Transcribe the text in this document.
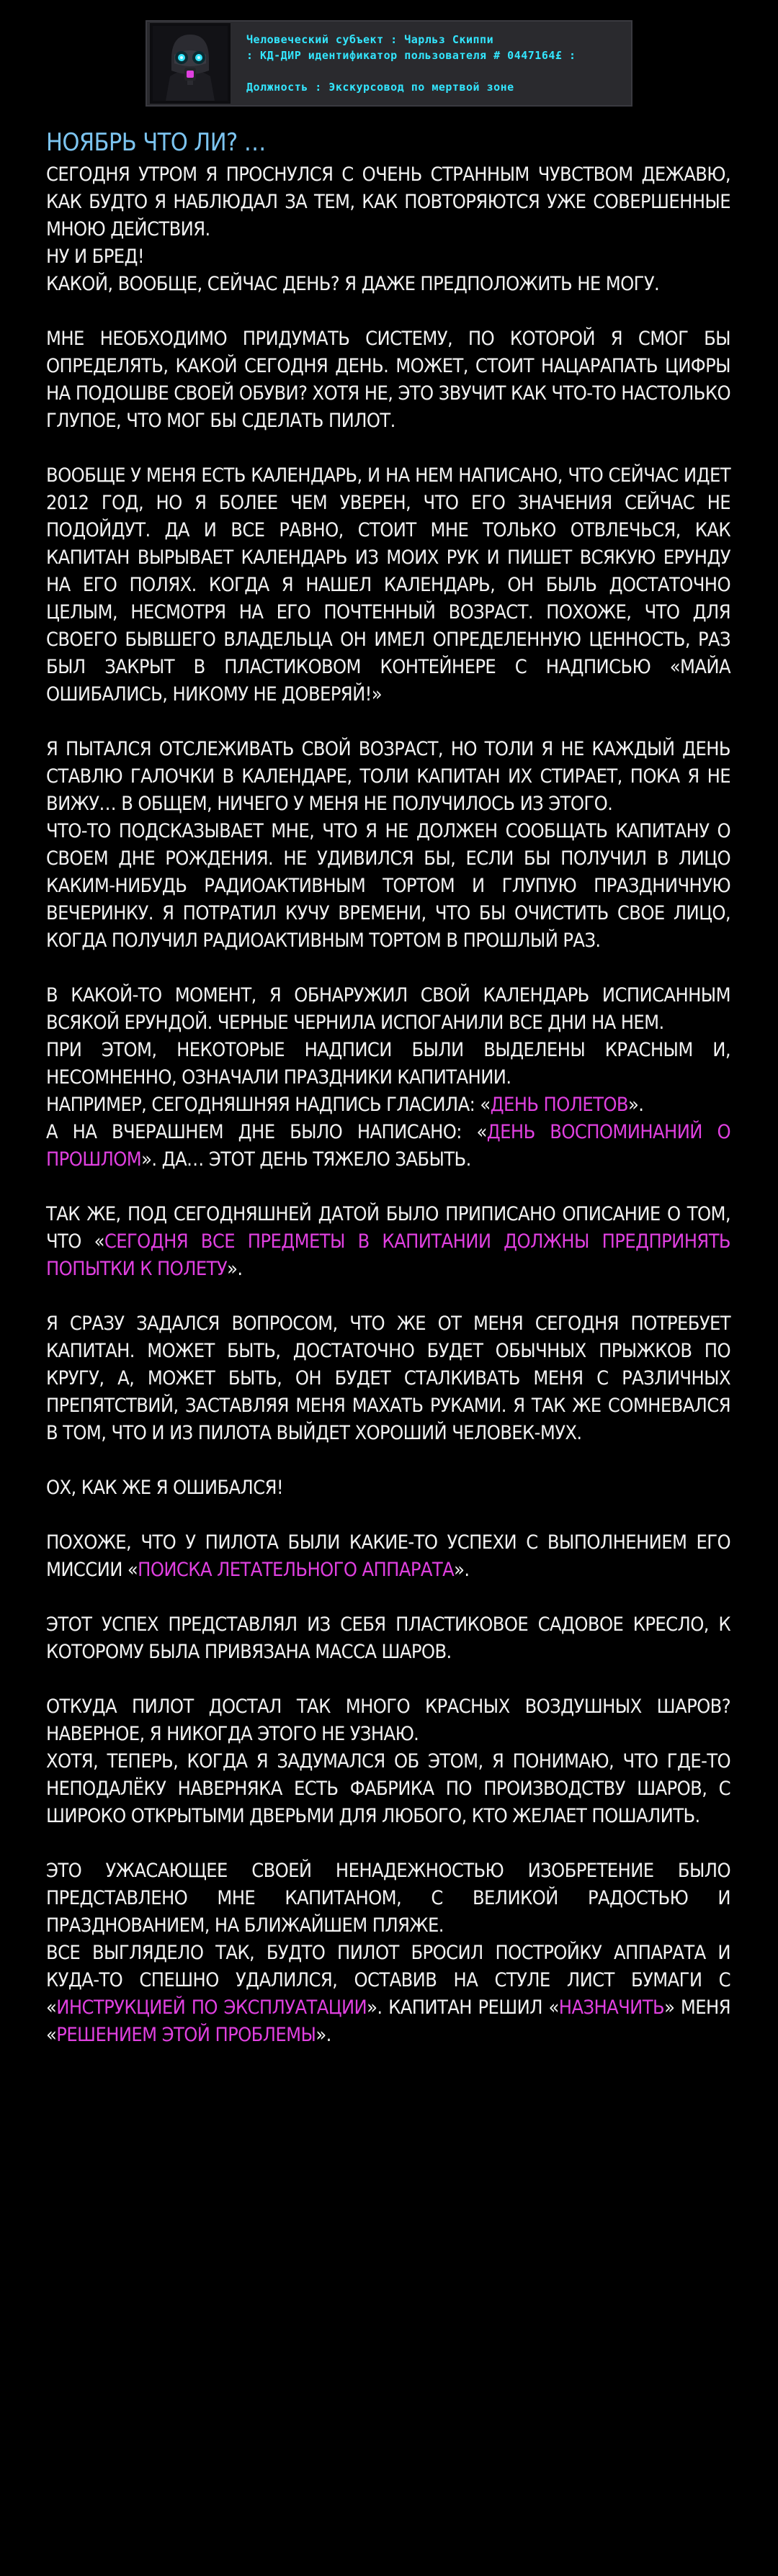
Человеческий субъект : Чарльз Скиппи
: КД-ДИР идентификатор пользователя # 0447164£ :
Должность : Экскурсовод по мертвой зоне
НОЯБРЬ ЧТО ЛИ? …

СЕГОДНЯ УТРОМ Я ПРОСНУЛСЯ С ОЧЕНЬ СТРАННЫМ ЧУВСТВОМ ДЕЖАВЮ, КАК БУДТО Я НАБЛЮДАЛ ЗА ТЕМ, КАК ПОВТОРЯЮТСЯ УЖЕ СОВЕРШЕННЫЕ МНОЮ ДЕЙСТВИЯ.

НУ И БРЕД!

КАКОЙ, ВООБЩЕ, СЕЙЧАС ДЕНЬ? Я ДАЖЕ ПРЕДПОЛОЖИТЬ НЕ МОГУ.

МНЕ НЕОБХОДИМО ПРИДУМАТЬ СИСТЕМУ, ПО КОТОРОЙ Я СМОГ БЫ ОПРЕДЕЛЯТЬ, КАКОЙ СЕГОДНЯ ДЕНЬ. МОЖЕТ, СТОИТ НАЦАРАПАТЬ ЦИФРЫ НА ПОДОШВЕ СВОЕЙ ОБУВИ? ХОТЯ НЕ, ЭТО ЗВУЧИТ КАК ЧТО-ТО НАСТОЛЬКО ГЛУПОЕ, ЧТО МОГ БЫ СДЕЛАТЬ ПИЛОТ.

ВООБЩЕ У МЕНЯ ЕСТЬ КАЛЕНДАРЬ, И НА НЕМ НАПИСАНО, ЧТО СЕЙЧАС ИДЕТ 2012 ГОД, НО Я БОЛЕЕ ЧЕМ УВЕРЕН, ЧТО ЕГО ЗНАЧЕНИЯ СЕЙЧАС НЕ ПОДОЙДУТ. ДА И ВСЕ РАВНО, СТОИТ МНЕ ТОЛЬКО ОТВЛЕЧЬСЯ, КАК КАПИТАН ВЫРЫВАЕТ КАЛЕНДАРЬ ИЗ МОИХ РУК И ПИШЕТ ВСЯКУЮ ЕРУНДУ НА ЕГО ПОЛЯХ. КОГДА Я НАШЕЛ КАЛЕНДАРЬ, ОН БЫЛЬ ДОСТАТОЧНО ЦЕЛЫМ, НЕСМОТРЯ НА ЕГО ПОЧТЕННЫЙ ВОЗРАСТ. ПОХОЖЕ, ЧТО ДЛЯ СВОЕГО БЫВШЕГО ВЛАДЕЛЬЦА ОН ИМЕЛ ОПРЕДЕЛЕННУЮ ЦЕННОСТЬ, РАЗ БЫЛ ЗАКРЫТ В ПЛАСТИКОВОМ КОНТЕЙНЕРЕ С НАДПИСЬЮ «МАЙА ОШИБАЛИСЬ, НИКОМУ НЕ ДОВЕРЯЙ!»

Я ПЫТАЛСЯ ОТСЛЕЖИВАТЬ СВОЙ ВОЗРАСТ, НО ТОЛИ Я НЕ КАЖДЫЙ ДЕНЬ СТАВЛЮ ГАЛОЧКИ В КАЛЕНДАРЕ, ТОЛИ КАПИТАН ИХ СТИРАЕТ, ПОКА Я НЕ ВИЖУ… В ОБЩЕМ, НИЧЕГО У МЕНЯ НЕ ПОЛУЧИЛОСЬ ИЗ ЭТОГО.

ЧТО-ТО ПОДСКАЗЫВАЕТ МНЕ, ЧТО Я НЕ ДОЛЖЕН СООБЩАТЬ КАПИТАНУ О СВОЕМ ДНЕ РОЖДЕНИЯ. НЕ УДИВИЛСЯ БЫ, ЕСЛИ БЫ ПОЛУЧИЛ В ЛИЦО КАКИМ-НИБУДЬ РАДИОАКТИВНЫМ ТОРТОМ И ГЛУПУЮ ПРАЗДНИЧНУЮ ВЕЧЕРИНКУ. Я ПОТРАТИЛ КУЧУ ВРЕМЕНИ, ЧТО БЫ ОЧИСТИТЬ СВОЕ ЛИЦО, КОГДА ПОЛУЧИЛ РАДИОАКТИВНЫМ ТОРТОМ В ПРОШЛЫЙ РАЗ.

В КАКОЙ-ТО МОМЕНТ, Я ОБНАРУЖИЛ СВОЙ КАЛЕНДАРЬ ИСПИСАННЫМ ВСЯКОЙ ЕРУНДОЙ. ЧЕРНЫЕ ЧЕРНИЛА ИСПОГАНИЛИ ВСЕ ДНИ НА НЕМ.

ПРИ ЭТОМ, НЕКОТОРЫЕ НАДПИСИ БЫЛИ ВЫДЕЛЕНЫ КРАСНЫМ И, НЕСОМНЕННО, ОЗНАЧАЛИ ПРАЗДНИКИ КАПИТАНИИ.

НАПРИМЕР, СЕГОДНЯШНЯЯ НАДПИСЬ ГЛАСИЛА: «ДЕНЬ ПОЛЕТОВ».

А НА ВЧЕРАШНЕМ ДНЕ БЫЛО НАПИСАНО: «ДЕНЬ ВОСПОМИНАНИЙ О ПРОШЛОМ». ДА… ЭТОТ ДЕНЬ ТЯЖЕЛО ЗАБЫТЬ.

ТАК ЖЕ, ПОД СЕГОДНЯШНЕЙ ДАТОЙ БЫЛО ПРИПИСАНО ОПИСАНИЕ О ТОМ, ЧТО «СЕГОДНЯ ВСЕ ПРЕДМЕТЫ В КАПИТАНИИ ДОЛЖНЫ ПРЕДПРИНЯТЬ ПОПЫТКИ К ПОЛЕТУ».

Я СРАЗУ ЗАДАЛСЯ ВОПРОСОМ, ЧТО ЖЕ ОТ МЕНЯ СЕГОДНЯ ПОТРЕБУЕТ КАПИТАН. МОЖЕТ БЫТЬ, ДОСТАТОЧНО БУДЕТ ОБЫЧНЫХ ПРЫЖКОВ ПО КРУГУ, А, МОЖЕТ БЫТЬ, ОН БУДЕТ СТАЛКИВАТЬ МЕНЯ С РАЗЛИЧНЫХ ПРЕПЯТСТВИЙ, ЗАСТАВЛЯЯ МЕНЯ МАХАТЬ РУКАМИ. Я ТАК ЖЕ СОМНЕВАЛСЯ В ТОМ, ЧТО И ИЗ ПИЛОТА ВЫЙДЕТ ХОРОШИЙ ЧЕЛОВЕК-МУХ.

ОХ, КАК ЖЕ Я ОШИБАЛСЯ!

ПОХОЖЕ, ЧТО У ПИЛОТА БЫЛИ КАКИЕ-ТО УСПЕХИ С ВЫПОЛНЕНИЕМ ЕГО МИССИИ «ПОИСКА ЛЕТАТЕЛЬНОГО АППАРАТА».

ЭТОТ УСПЕХ ПРЕДСТАВЛЯЛ ИЗ СЕБЯ ПЛАСТИКОВОЕ САДОВОЕ КРЕСЛО, К КОТОРОМУ БЫЛА ПРИВЯЗАНА МАССА ШАРОВ.

ОТКУДА ПИЛОТ ДОСТАЛ ТАК МНОГО КРАСНЫХ ВОЗДУШНЫХ ШАРОВ? НАВЕРНОЕ, Я НИКОГДА ЭТОГО НЕ УЗНАЮ.

ХОТЯ, ТЕПЕРЬ, КОГДА Я ЗАДУМАЛСЯ ОБ ЭТОМ, Я ПОНИМАЮ, ЧТО ГДЕ-ТО НЕПОДАЛЁКУ НАВЕРНЯКА ЕСТЬ ФАБРИКА ПО ПРОИЗВОДСТВУ ШАРОВ, С ШИРОКО ОТКРЫТЫМИ ДВЕРЬМИ ДЛЯ ЛЮБОГО, КТО ЖЕЛАЕТ ПОШАЛИТЬ.

ЭТО УЖАСАЮЩЕЕ СВОЕЙ НЕНАДЕЖНОСТЬЮ ИЗОБРЕТЕНИЕ БЫЛО ПРЕДСТАВЛЕНО МНЕ КАПИТАНОМ, С ВЕЛИКОЙ РАДОСТЬЮ И ПРАЗДНОВАНИЕМ, НА БЛИЖАЙШЕМ ПЛЯЖЕ.

ВСЕ ВЫГЛЯДЕЛО ТАК, БУДТО ПИЛОТ БРОСИЛ ПОСТРОЙКУ АППАРАТА И КУДА-ТО СПЕШНО УДАЛИЛСЯ, ОСТАВИВ НА СТУЛЕ ЛИСТ БУМАГИ С «ИНСТРУКЦИЕЙ ПО ЭКСПЛУАТАЦИИ». КАПИТАН РЕШИЛ «НАЗНАЧИТЬ» МЕНЯ «РЕШЕНИЕМ ЭТОЙ ПРОБЛЕМЫ».
